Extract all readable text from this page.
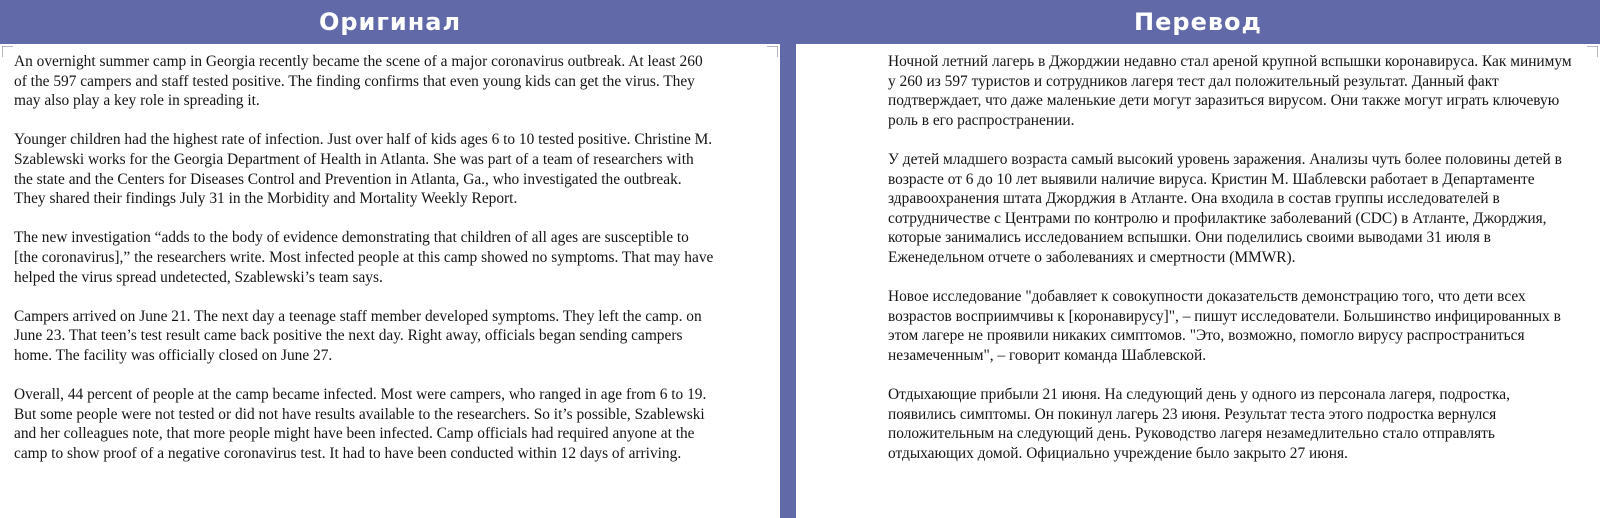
Оригинал	Перевод

An overnight summer camp in Georgia recently became the scene of a major coronavirus outbreak. At least 260 of the 597 campers and staff tested positive. The finding confirms that even young kids can get the virus. They may also play a key role in spreading it.

Younger children had the highest rate of infection. Just over half of kids ages 6 to 10 tested positive. Christine M. Szablewski works for the Georgia Department of Health in Atlanta. She was part of a team of researchers with the state and the Centers for Diseases Control and Prevention in Atlanta, Ga., who investigated the outbreak. They shared their findings July 31 in the Morbidity and Mortality Weekly Report.

The new investigation “adds to the body of evidence demonstrating that children of all ages are susceptible to [the coronavirus],” the researchers write. Most infected people at this camp showed no symptoms. That may have helped the virus spread undetected, Szablewski’s team says.

Campers arrived on June 21. The next day a teenage staff member developed symptoms. They left the camp. on June 23. That teen’s test result came back positive the next day. Right away, officials began sending campers home. The facility was officially closed on June 27.

Overall, 44 percent of people at the camp became infected. Most were campers, who ranged in age from 6 to 19. But some people were not tested or did not have results available to the researchers. So it’s possible, Szablewski and her colleagues note, that more people might have been infected. Camp officials had required anyone at the camp to show proof of a negative coronavirus test. It had to have been conducted within 12 days of arriving.

Ночной летний лагерь в Джорджии недавно стал ареной крупной вспышки коронавируса. Как минимум у 260 из 597 туристов и сотрудников лагеря тест дал положительный результат. Данный факт подтверждает, что даже маленькие дети могут заразиться вирусом. Они также могут играть ключевую роль в его распространении.

У детей младшего возраста самый высокий уровень заражения. Анализы чуть более половины детей в возрасте от 6 до 10 лет выявили наличие вируса. Кристин М. Шаблевски работает в Департаменте здравоохранения штата Джорджия в Атланте. Она входила в состав группы исследователей в сотрудничестве с Центрами по контролю и профилактике заболеваний (CDC) в Атланте, Джорджия, которые занимались исследованием вспышки. Они поделились своими выводами 31 июля в Еженедельном отчете о заболеваниях и смертности (MMWR).

Новое исследование "добавляет к совокупности доказательств демонстрацию того, что дети всех возрастов восприимчивы к [коронавирусу]", – пишут исследователи. Большинство инфицированных в этом лагере не проявили никаких симптомов. "Это, возможно, помогло вирусу распространиться незамеченным", – говорит команда Шаблевской.

Отдыхающие прибыли 21 июня. На следующий день у одного из персонала лагеря, подростка, появились симптомы. Он покинул лагерь 23 июня. Результат теста этого подростка вернулся положительным на следующий день. Руководство лагеря незамедлительно стало отправлять отдыхающих домой. Официально учреждение было закрыто 27 июня.
